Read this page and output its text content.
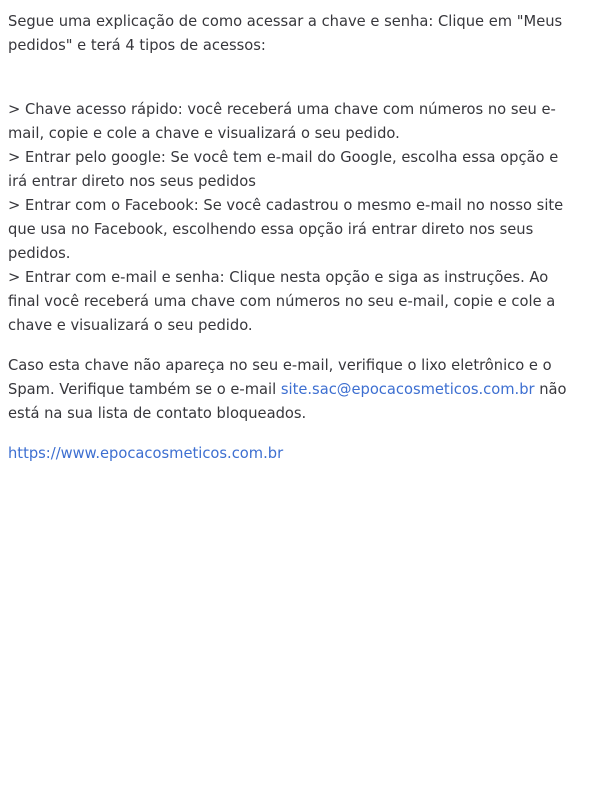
Segue uma explicação de como acessar a chave e senha: Clique em "Meus pedidos" e terá 4 tipos de acessos:

> Chave acesso rápido: você receberá uma chave com números no seu e-mail, copie e cole a chave e visualizará o seu pedido.

> Entrar pelo google: Se você tem e-mail do Google, escolha essa opção e irá entrar direto nos seus pedidos

> Entrar com o Facebook: Se você cadastrou o mesmo e-mail no nosso site que usa no Facebook, escolhendo essa opção irá entrar direto nos seus pedidos.

> Entrar com e-mail e senha: Clique nesta opção e siga as instruções. Ao final você receberá uma chave com números no seu e-mail, copie e cole a chave e visualizará o seu pedido.

Caso esta chave não apareça no seu e-mail, verifique o lixo eletrônico e o Spam. Verifique também se o e-mail site.sac@epocacosmeticos.com.br não está na sua lista de contato bloqueados.

https://www.epocacosmeticos.com.br
